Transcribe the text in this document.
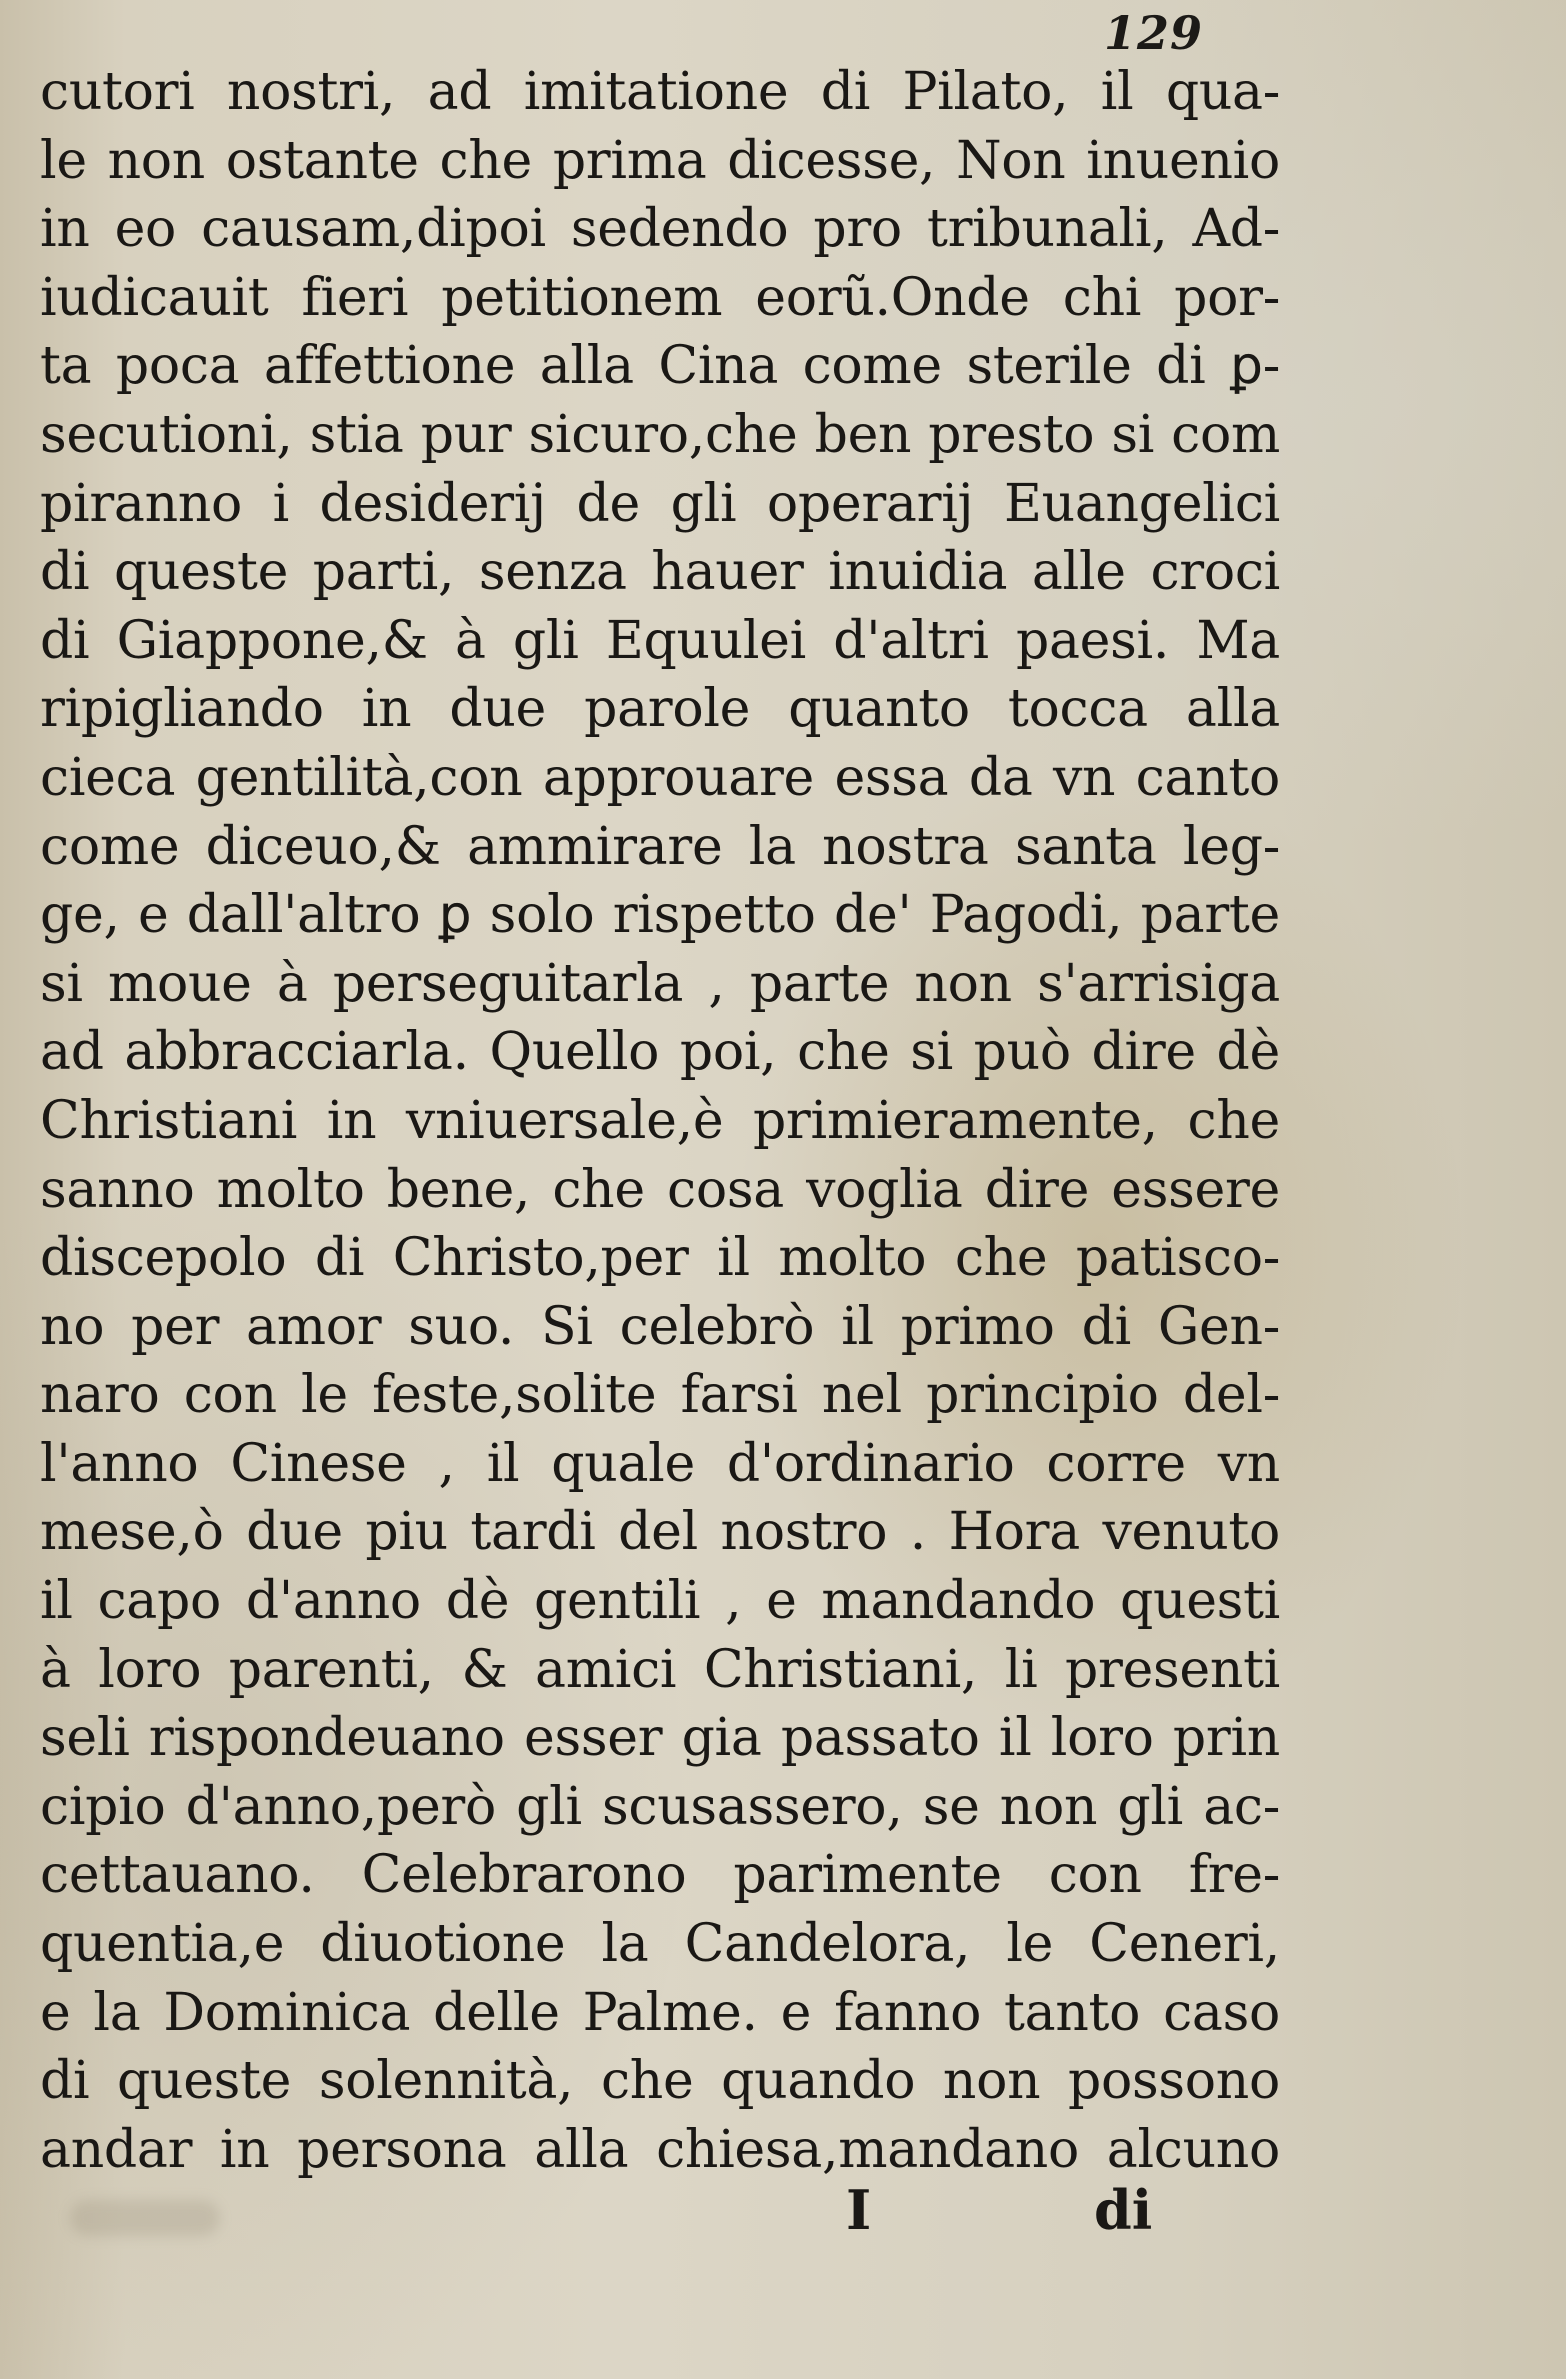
129
cutori nostri, ad imitatione di Pilato, il qua-
le non ostante che prima dicesse, Non inuenio
in eo causam,dipoi sedendo pro tribunali, Ad-
iudicauit fieri petitionem eorũ.Onde chi por-
ta poca affettione alla Cina come sterile di ꝑ-
secutioni, stia pur sicuro,che ben presto si com
piranno i desiderij de gli operarij Euangelici
di queste parti, senza hauer inuidia alle croci
di Giappone,& à gli Equulei d'altri paesi. Ma
ripigliando in due parole quanto tocca alla
cieca gentilità,con approuare essa da vn canto
come diceuo,& ammirare la nostra santa leg-
ge, e dall'altro ꝑ solo rispetto de' Pagodi, parte
si moue à perseguitarla , parte non s'arrisiga
ad abbracciarla. Quello poi, che si può dire dè
Christiani in vniuersale,è primieramente, che
sanno molto bene, che cosa voglia dire essere
discepolo di Christo,per il molto che patisco-
no per amor suo. Si celebrò il primo di Gen-
naro con le feste,solite farsi nel principio del-
l'anno Cinese , il quale d'ordinario corre vn
mese,ò due piu tardi del nostro . Hora venuto
il capo d'anno dè gentili , e mandando questi
à loro parenti, & amici Christiani, li presenti
seli rispondeuano esser gia passato il loro prin
cipio d'anno,però gli scusassero, se non gli ac-
cettauano. Celebrarono parimente con fre-
quentia,e diuotione la Candelora, le Ceneri,
e la Dominica delle Palme. e fanno tanto caso
di queste solennità, che quando non possono
andar in persona alla chiesa,mandano alcuno
I	di
